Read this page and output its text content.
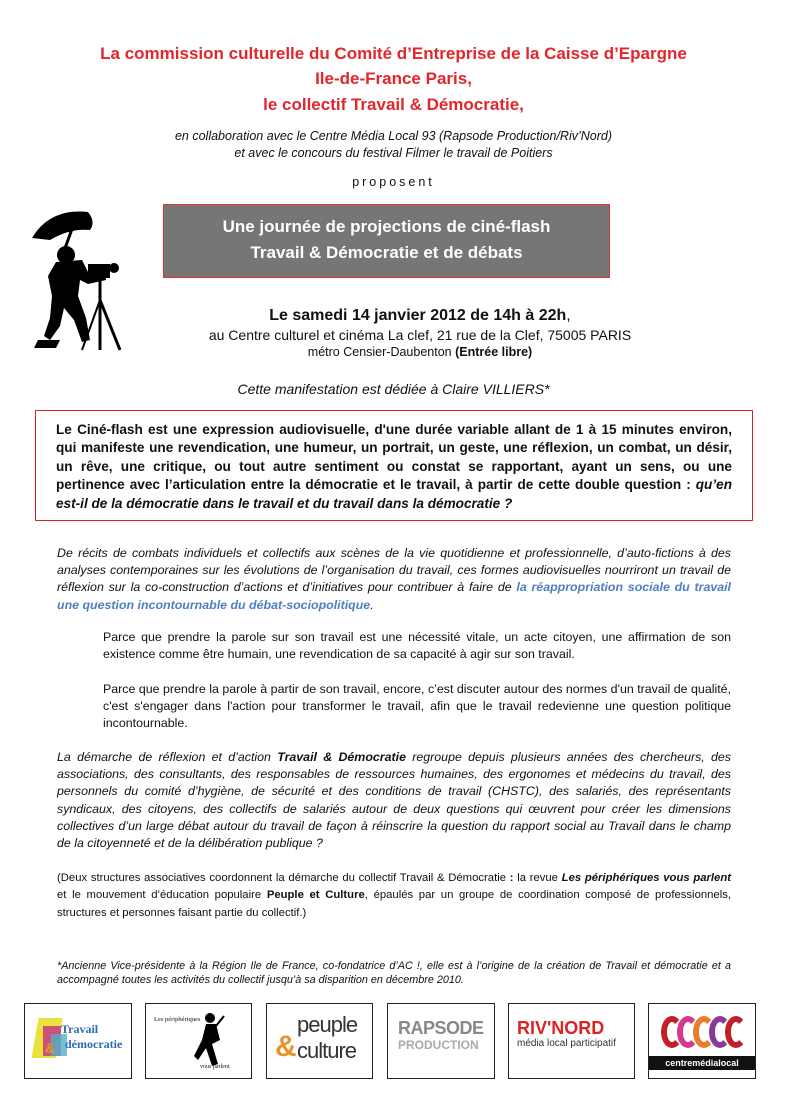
La commission culturelle du Comité d’Entreprise de la Caisse d’Epargne
Ile-de-France Paris,
le collectif Travail & Démocratie,
en collaboration avec le Centre Média Local 93 (Rapsode Production/Riv’Nord)
et avec le concours du festival Filmer le travail de Poitiers
proposent
Une journée de projections de ciné-flash
Travail & Démocratie et de débats
Le samedi 14 janvier 2012 de 14h à 22h,
au Centre culturel et cinéma La clef, 21 rue de la Clef, 75005 PARIS
métro Censier-Daubenton (Entrée libre)
Cette manifestation est dédiée à Claire VILLIERS*
Le Ciné-flash est une expression audiovisuelle, d'une durée variable allant de 1 à 15 minutes environ, qui manifeste une revendication, une humeur, un portrait, un geste, une réflexion, un combat, un désir, un rêve, une critique, ou tout autre sentiment ou constat se rapportant, ayant un sens, ou une pertinence avec l’articulation entre la démocratie et le travail, à partir de cette double question : qu’en est-il de la démocratie dans le travail et du travail dans la démocratie ?
De récits de combats individuels et collectifs aux scènes de la vie quotidienne et professionnelle, d’auto-fictions à des analyses contemporaines sur les évolutions de l’organisation du travail, ces formes audiovisuelles nourriront un travail de réflexion sur la co-construction d’actions et d’initiatives pour contribuer à faire de la réappropriation sociale du travail une question incontournable du débat-sociopolitique.
Parce que prendre la parole sur son travail est une nécessité vitale, un acte citoyen, une affirmation de son existence comme être humain, une revendication de sa capacité à agir sur son travail.
Parce que prendre la parole à partir de son travail, encore, c’est discuter autour des normes d'un travail de qualité, c'est s'engager dans l'action pour transformer le travail, afin que le travail redevienne une question politique incontournable.
La démarche de réflexion et d’action Travail & Démocratie regroupe depuis plusieurs années des chercheurs, des associations, des consultants, des responsables de ressources humaines, des ergonomes et médecins du travail, des personnels du comité d’hygiène, de sécurité et des conditions de travail (CHSTC), des salariés, des représentants syndicaux, des citoyens, des collectifs de salariés autour de deux questions qui œuvrent pour créer les dimensions collectives d’un large débat autour du travail de façon à réinscrire la question du rapport social au Travail dans le champ de la citoyenneté et de la délibération publique ?
(Deux structures associatives coordonnent la démarche du collectif Travail & Démocratie : la revue Les périphériques vous parlent et le mouvement d’éducation populaire Peuple et Culture, épaulés par un groupe de coordination composé de professionnels, structures et personnes faisant partie du collectif.)
*Ancienne Vice-présidente à la Région Ile de France, co-fondatrice d’AC !, elle est à l’origine de la création de Travail et démocratie et a accompagné toutes les activités du collectif jusqu’à sa disparition en décembre 2010.
Travail
& démocratie
Les périphériques
vous parlent
peuple
& culture
RAPSODE
PRODUCTION
RIV'NORD
média local participatif
centremédialocal
